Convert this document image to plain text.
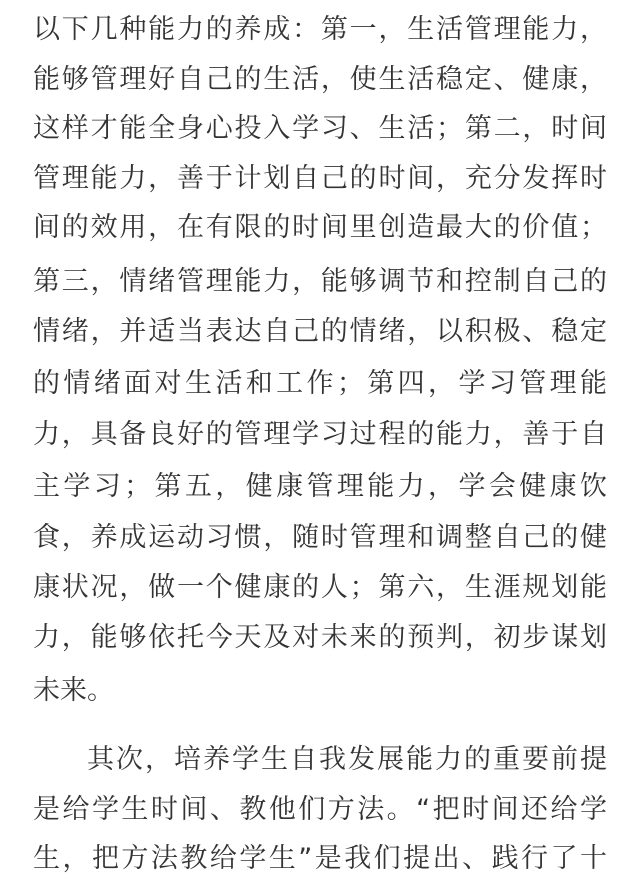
以下几种能力的养成：第一，生活管理能力，
能够管理好自己的生活，使生活稳定、健康，
这样才能全身心投入学习、生活；第二，时间
管理能力，善于计划自己的时间，充分发挥时
间的效用，在有限的时间里创造最大的价值；
第三，情绪管理能力，能够调节和控制自己的
情绪，并适当表达自己的情绪，以积极、稳定
的情绪面对生活和工作；第四，学习管理能
力，具备良好的管理学习过程的能力，善于自
主学习；第五，健康管理能力，学会健康饮
食，养成运动习惯，随时管理和调整自己的健
康状况，做一个健康的人；第六，生涯规划能
力，能够依托今天及对未来的预判，初步谋划
未来。
其次，培养学生自我发展能力的重要前提
是给学生时间、教他们方法。“把时间还给学
生，把方法教给学生”是我们提出、践行了十
